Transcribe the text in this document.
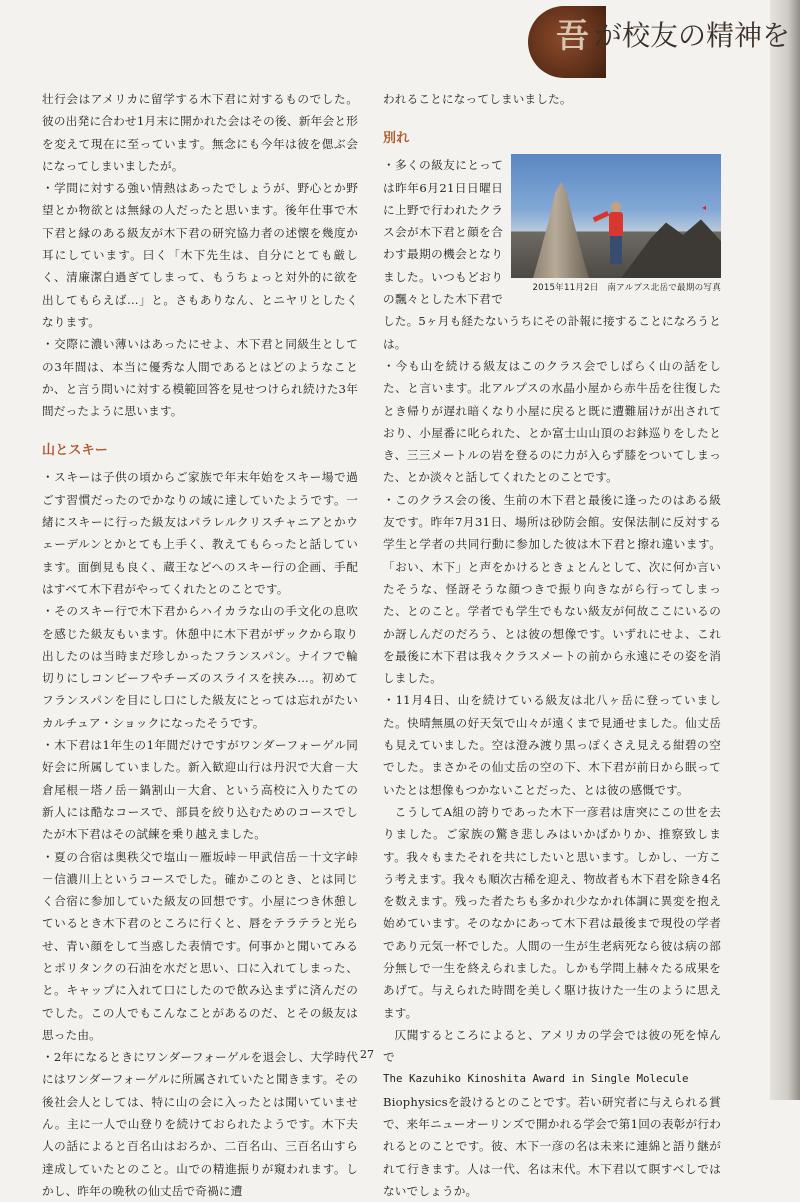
吾 が校友の精神を

壮行会はアメリカに留学する木下君に対するものでした。彼の出発に合わせ1月末に開かれた会はその後、新年会と形を変えて現在に至っています。無念にも今年は彼を偲ぶ会になってしまいましたが。

・学問に対する強い情熱はあったでしょうが、野心とか野望とか物欲とは無縁の人だったと思います。後年仕事で木下君と縁のある級友が木下君の研究協力者の述懐を幾度か耳にしています。曰く「木下先生は、自分にとても厳しく、清廉潔白過ぎてしまって、もうちょっと対外的に欲を出してもらえば…」と。さもありなん、とニヤリとしたくなります。

・交際に濃い薄いはあったにせよ、木下君と同級生としての3年間は、本当に優秀な人間であるとはどのようなことか、と言う問いに対する模範回答を見せつけられ続けた3年間だったように思います。

山とスキー

・スキーは子供の頃からご家族で年末年始をスキー場で過ごす習慣だったのでかなりの域に達していたようです。一緒にスキーに行った級友はパラレルクリスチャニアとかウェーデルンとかとても上手く、教えてもらったと話しています。面倒見も良く、蔵王などへのスキー行の企画、手配はすべて木下君がやってくれたとのことです。

・そのスキー行で木下君からハイカラな山の手文化の息吹を感じた級友もいます。休憩中に木下君がザックから取り出したのは当時まだ珍しかったフランスパン。ナイフで輪切りにしコンビーフやチーズのスライスを挟み…。初めてフランスパンを目にし口にした級友にとっては忘れがたいカルチュア・ショックになったそうです。

・木下君は1年生の1年間だけですがワンダーフォーゲル同好会に所属していました。新入歓迎山行は丹沢で大倉－大倉尾根－塔ノ岳－鍋割山－大倉、という高校に入りたての新人には酷なコースで、部員を絞り込むためのコースでしたが木下君はその試練を乗り越えました。

・夏の合宿は奥秩父で塩山－雁坂峠－甲武信岳－十文字峠－信濃川上というコースでした。確かこのとき、とは同じく合宿に参加していた級友の回想です。小屋につき休憩しているとき木下君のところに行くと、唇をテラテラと光らせ、青い顔をして当惑した表情です。何事かと聞いてみるとポリタンクの石油を水だと思い、口に入れてしまった、と。キャップに入れて口にしたので飲み込まずに済んだのでした。この人でもこんなことがあるのだ、とその級友は思った由。

・2年になるときにワンダーフォーゲルを退会し、大学時代にはワンダーフォーゲルに所属されていたと聞きます。その後社会人としては、特に山の会に入ったとは聞いていません。主に一人で山登りを続けておられたようです。木下夫人の話によると百名山はおろか、二百名山、三百名山すら達成していたとのこと。山での精進振りが窺われます。しかし、昨年の晩秋の仙丈岳で奇禍に遭

われることになってしまいました。

別れ

2015年11月2日　南アルプス北岳で最期の写真

・多くの級友にとっては昨年6月21日日曜日に上野で行われたクラス会が木下君と顔を合わす最期の機会となりました。いつもどおりの飄々とした木下君でした。5ヶ月も経たないうちにその訃報に接することになろうとは。

・今も山を続ける級友はこのクラス会でしばらく山の話をした、と言います。北アルプスの水晶小屋から赤牛岳を往復したとき帰りが遅れ暗くなり小屋に戻ると既に遭難届けが出されており、小屋番に叱られた、とか富士山山頂のお鉢巡りをしたとき、三三メートルの岩を登るのに力が入らず膝をついてしまった、とか淡々と話してくれたとのことです。

・このクラス会の後、生前の木下君と最後に逢ったのはある級友です。昨年7月31日、場所は砂防会館。安保法制に反対する学生と学者の共同行動に参加した彼は木下君と擦れ違います。「おい、木下」と声をかけるときょとんとして、次に何か言いたそうな、怪訝そうな顔つきで振り向きながら行ってしまった、とのこと。学者でも学生でもない級友が何故ここにいるのか訝しんだのだろう、とは彼の想像です。いずれにせよ、これを最後に木下君は我々クラスメートの前から永遠にその姿を消しました。

・11月4日、山を続けている級友は北八ヶ岳に登っていました。快晴無風の好天気で山々が遠くまで見通せました。仙丈岳も見えていました。空は澄み渡り黒っぽくさえ見える紺碧の空でした。まさかその仙丈岳の空の下、木下君が前日から眠っていたとは想像もつかないことだった、とは彼の感慨です。

こうしてA組の誇りであった木下一彦君は唐突にこの世を去りました。ご家族の驚き悲しみはいかばかりか、推察致します。我々もまたそれを共にしたいと思います。しかし、一方こう考えます。我々も順次古稀を迎え、物故者も木下君を除き4名を数えます。残った者たちも多かれ少なかれ体調に異変を抱え始めています。そのなかにあって木下君は最後まで現役の学者であり元気一杯でした。人間の一生が生老病死なら彼は病の部分無しで一生を終えられました。しかも学問上赫々たる成果をあげて。与えられた時間を美しく駆け抜けた一生のように思えます。

仄聞するところによると、アメリカの学会では彼の死を悼んで

The Kazuhiko Kinoshita Award in Single Molecule

Biophysicsを設けるとのことです。若い研究者に与えられる賞で、来年ニューオーリンズで開かれる学会で第1回の表彰が行われるとのことです。彼、木下一彦の名は未来に連綿と語り継がれて行きます。人は一代、名は末代。木下君以て瞑すべしではないでしょうか。

◂
27
